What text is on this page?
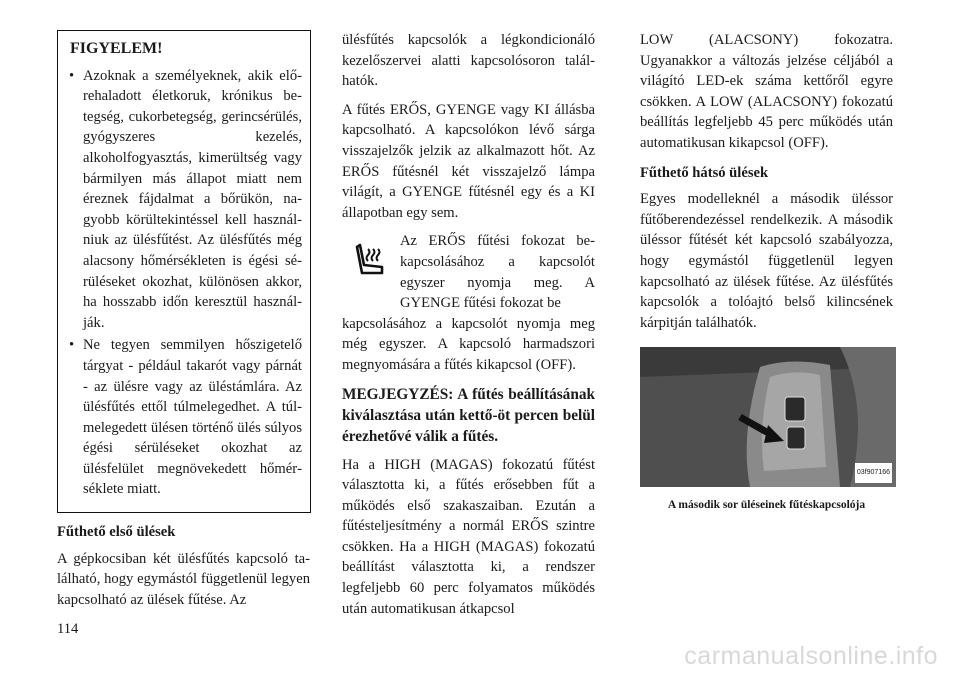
FIGYELEM!
• Azoknak a személyeknek, akik előrehaladott életkoruk, krónikus betegség, cukorbetegség, gerincsérülés, gyógyszeres kezelés, alkoholfogyasztás, kimerültség vagy bármilyen más állapot miatt nem éreznek fájdalmat a bőrükön, nagyobb körültekintéssel kell használniuk az ülésfűtést. Az ülésfűtés még alacsony hőmérsékleten is égési sérüléseket okozhat, különösen akkor, ha hosszabb időn keresztül használják.
• Ne tegyen semmilyen hőszigetelő tárgyat - például takarót vagy párnát - az ülésre vagy az üléstámlára. Az ülésfűtés ettől túlmelegedhet. A túlmelegedett ülésen történő ülés súlyos égési sérüléseket okozhat az ülésfelület megnövekedett hőmérséklete miatt.
Fűthető első ülések

A gépkocsiban két ülésfűtés kapcsoló található, hogy egymástól függetlenül legyen kapcsolható az ülések fűtése. Az

ülésfűtés kapcsolók a légkondicionáló kezelőszervei alatti kapcsolósoron találhatók.

A fűtés ERŐS, GYENGE vagy KI állásba kapcsolható. A kapcsolókon lévő sárga visszajelzők jelzik az alkalmazott hőt. Az ERŐS fűtésnél két visszajelző lámpa világít, a GYENGE fűtésnél egy és a KI állapotban egy sem.

Az ERŐS fűtési fokozat bekapcsolásához a kapcsolót egyszer nyomja meg. A GYENGE fűtési fokozat be

kapcsolásához a kapcsolót nyomja meg még egyszer. A kapcsoló harmadszori megnyomására a fűtés kikapcsol (OFF).

MEGJEGYZÉS: A fűtés beállításának kiválasztása után kettő-öt percen belül érezhetővé válik a fűtés.

Ha a HIGH (MAGAS) fokozatú fűtést választotta ki, a fűtés erősebben fűt a működés első szakaszaiban. Ezután a fűtésteljesítmény a normál ERŐS szintre csökken. Ha a HIGH (MAGAS) fokozatú beállítást választotta ki, a rendszer legfeljebb 60 perc folyamatos működés után automatikusan átkapcsol

LOW (ALACSONY) fokozatra. Ugyanakkor a változás jelzése céljából a világító LED-ek száma kettőről egyre csökken. A LOW (ALACSONY) fokozatú beállítás legfeljebb 45 perc működés után automatikusan kikapcsol (OFF).

Fűthető hátsó ülések

Egyes modelleknél a második üléssor fűtőberendezéssel rendelkezik. A második üléssor fűtését két kapcsoló szabályozza, hogy egymástól függetlenül legyen kapcsolható az ülések fűtése. Az ülésfűtés kapcsolók a tolóajtó belső kilincsének kárpitján találhatók.

03f907166
A második sor üléseinek fűtéskapcsolója
114
carmanualsonline.info
